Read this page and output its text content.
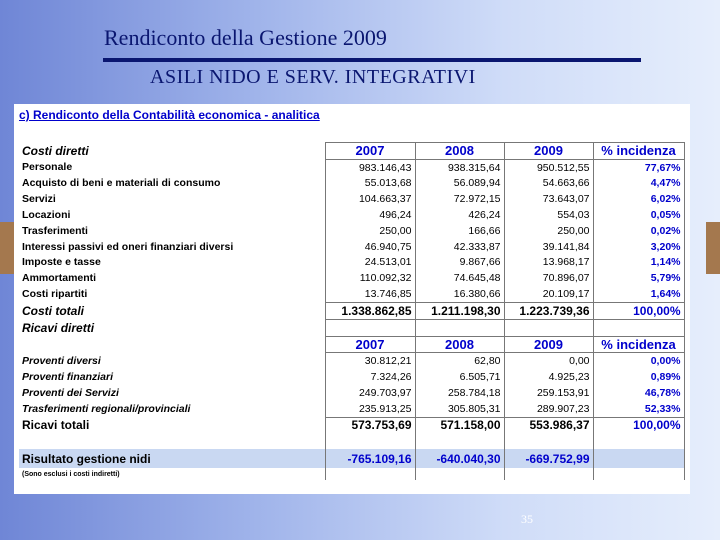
Rendiconto della Gestione 2009
ASILI NIDO E SERV. INTEGRATIVI
c) Rendiconto della Contabilità economica - analitica
Costi diretti	2007	2008	2009	% incidenza
Personale	983.146,43	938.315,64	950.512,55	77,67%
Acquisto di beni e materiali di consumo	55.013,68	56.089,94	54.663,66	4,47%
Servizi	104.663,37	72.972,15	73.643,07	6,02%
Locazioni	496,24	426,24	554,03	0,05%
Trasferimenti	250,00	166,66	250,00	0,02%
Interessi passivi ed oneri finanziari diversi	46.940,75	42.333,87	39.141,84	3,20%
Imposte e tasse	24.513,01	9.867,66	13.968,17	1,14%
Ammortamenti	110.092,32	74.645,48	70.896,07	5,79%
Costi ripartiti	13.746,85	16.380,66	20.109,17	1,64%
Costi totali	1.338.862,85	1.211.198,30	1.223.739,36	100,00%
Ricavi diretti				
	2007	2008	2009	% incidenza
Proventi diversi	30.812,21	62,80	0,00	0,00%
Proventi finanziari	7.324,26	6.505,71	4.925,23	0,89%
Proventi dei Servizi	249.703,97	258.784,18	259.153,91	46,78%
Trasferimenti regionali/provinciali	235.913,25	305.805,31	289.907,23	52,33%
Ricavi totali	573.753,69	571.158,00	553.986,37	100,00%

Risultato gestione nidi	-765.109,16	-640.040,30	-669.752,99	
(Sono esclusi i costi indiretti)				
35
